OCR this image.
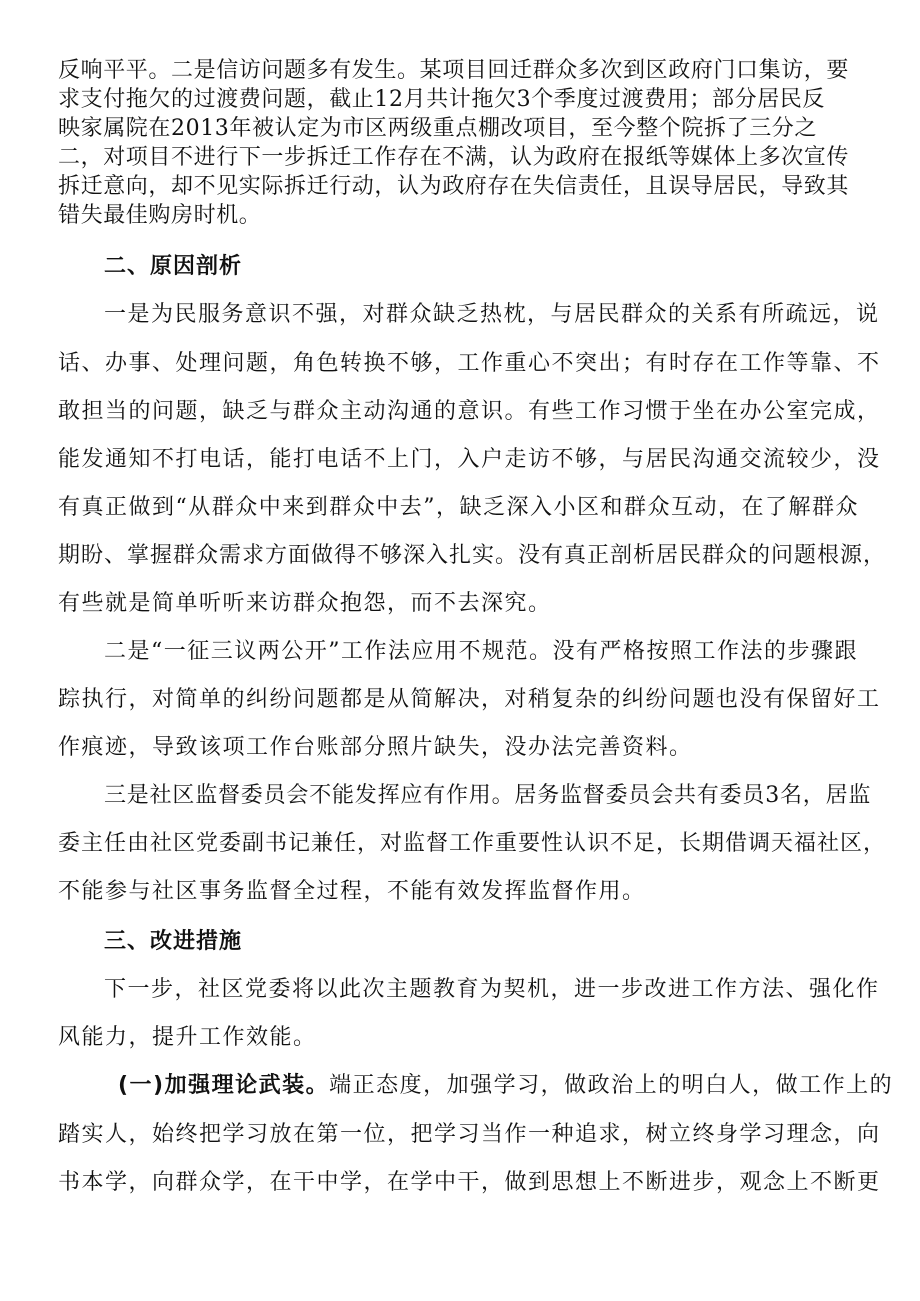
反响平平。二是信访问题多有发生。某项目回迁群众多次到区政府门口集访，要
求支付拖欠的过渡费问题，截止12月共计拖欠3个季度过渡费用；部分居民反
映家属院在2013年被认定为市区两级重点棚改项目，至今整个院拆了三分之
二，对项目不进行下一步拆迁工作存在不满，认为政府在报纸等媒体上多次宣传
拆迁意向，却不见实际拆迁行动，认为政府存在失信责任，且误导居民，导致其
错失最佳购房时机。
二、原因剖析
一是为民服务意识不强，对群众缺乏热枕，与居民群众的关系有所疏远，说
话、办事、处理问题，角色转换不够，工作重心不突出；有时存在工作等靠、不
敢担当的问题，缺乏与群众主动沟通的意识。有些工作习惯于坐在办公室完成，
能发通知不打电话，能打电话不上门，入户走访不够，与居民沟通交流较少，没
有真正做到“从群众中来到群众中去”，缺乏深入小区和群众互动，在了解群众
期盼、掌握群众需求方面做得不够深入扎实。没有真正剖析居民群众的问题根源，
有些就是简单听听来访群众抱怨，而不去深究。
二是“一征三议两公开”工作法应用不规范。没有严格按照工作法的步骤跟
踪执行，对简单的纠纷问题都是从简解决，对稍复杂的纠纷问题也没有保留好工
作痕迹，导致该项工作台账部分照片缺失，没办法完善资料。
三是社区监督委员会不能发挥应有作用。居务监督委员会共有委员3名，居监
委主任由社区党委副书记兼任，对监督工作重要性认识不足，长期借调天福社区，
不能参与社区事务监督全过程，不能有效发挥监督作用。
三、改进措施
下一步，社区党委将以此次主题教育为契机，进一步改进工作方法、强化作
风能力，提升工作效能。
(一)加强理论武装。端正态度，加强学习，做政治上的明白人，做工作上的
踏实人，始终把学习放在第一位，把学习当作一种追求，树立终身学习理念，向
书本学，向群众学，在干中学，在学中干，做到思想上不断进步，观念上不断更
